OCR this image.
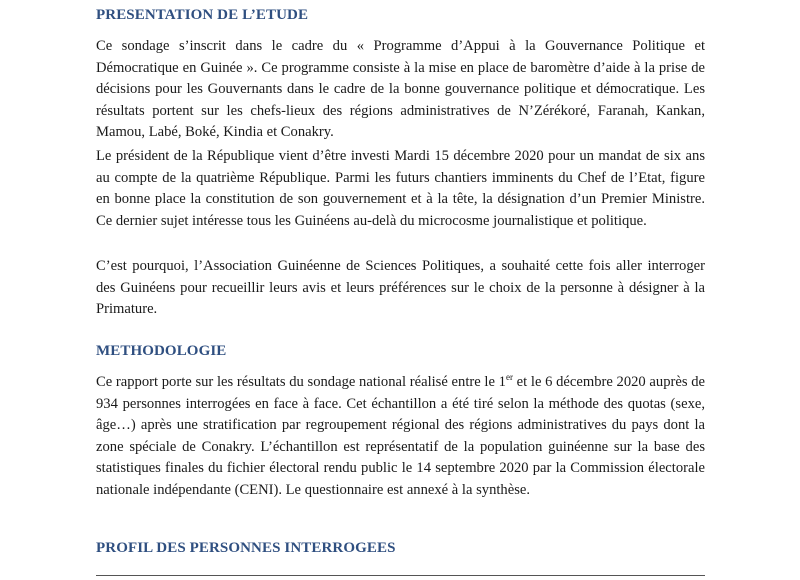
PRESENTATION DE L’ETUDE

Ce sondage s’inscrit dans le cadre du « Programme d’Appui à la Gouvernance Politique et Démocratique en Guinée ». Ce programme consiste à la mise en place de baromètre d’aide à la prise de décisions pour les Gouvernants dans le cadre de la bonne gouvernance politique et démocratique. Les résultats portent sur les chefs-lieux des régions administratives de N’Zérékoré, Faranah, Kankan, Mamou, Labé, Boké, Kindia et Conakry.

Le président de la République vient d’être investi Mardi 15 décembre 2020 pour un mandat de six ans au compte de la quatrième République. Parmi les futurs chantiers imminents du Chef de l’Etat, figure en bonne place la constitution de son gouvernement et à la tête, la désignation d’un Premier Ministre. Ce dernier sujet intéresse tous les Guinéens au-delà du microcosme journalistique et politique.

C’est pourquoi, l’Association Guinéenne de Sciences Politiques, a souhaité cette fois aller interroger des Guinéens pour recueillir leurs avis et leurs préférences sur le choix de la personne à désigner à la Primature.

METHODOLOGIE

Ce rapport porte sur les résultats du sondage national réalisé entre le 1er et le 6 décembre 2020 auprès de 934 personnes interrogées en face à face. Cet échantillon a été tiré selon la méthode des quotas (sexe, âge…) après une stratification par regroupement régional des régions administratives du pays dont la zone spéciale de Conakry. L’échantillon est représentatif de la population guinéenne sur la base des statistiques finales du fichier électoral rendu public le 14 septembre 2020 par la Commission électorale nationale indépendante (CENI). Le questionnaire est annexé à la synthèse.

PROFIL DES PERSONNES INTERROGEES
